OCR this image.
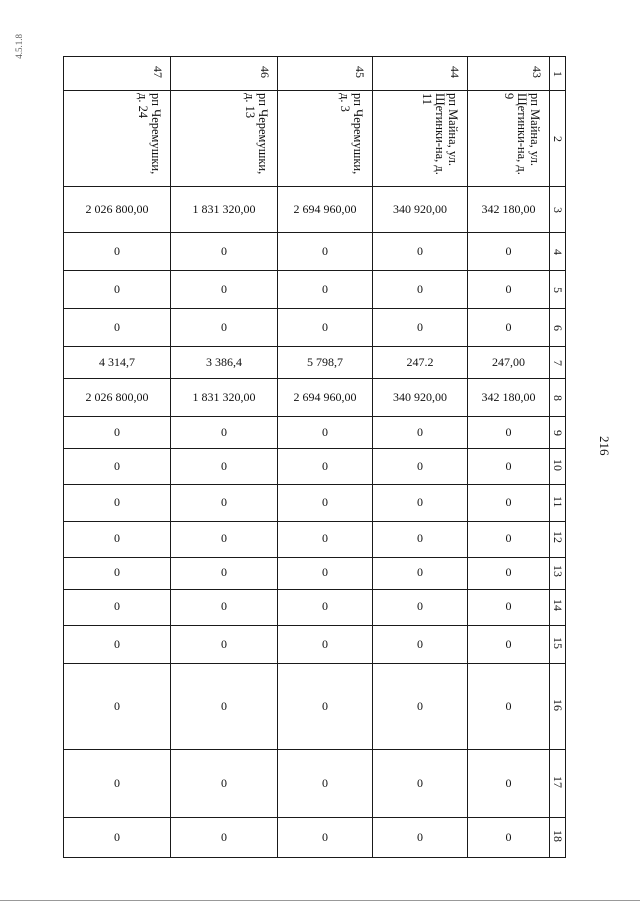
4.5.1.8
216
47	46	45	44	43	1
рп Черемушки, д. 24	рп Черемушки, д. 13	рп Черемушки, д. 3	рп Майна, ул. Щетинки-на, д. 11	рп Майна, ул. Щетинки-на, д. 9	2
2 026 800,00	1 831 320,00	2 694 960,00	340 920,00	342 180,00	3
0	0	0	0	0	4
0	0	0	0	0	5
0	0	0	0	0	6
4 314,7	3 386,4	5 798,7	247.2	247,00	7
2 026 800,00	1 831 320,00	2 694 960,00	340 920,00	342 180,00	8
0	0	0	0	0	9
0	0	0	0	0	10
0	0	0	0	0	11
0	0	0	0	0	12
0	0	0	0	0	13
0	0	0	0	0	14
0	0	0	0	0	15
0	0	0	0	0	16
0	0	0	0	0	17
0	0	0	0	0	18
